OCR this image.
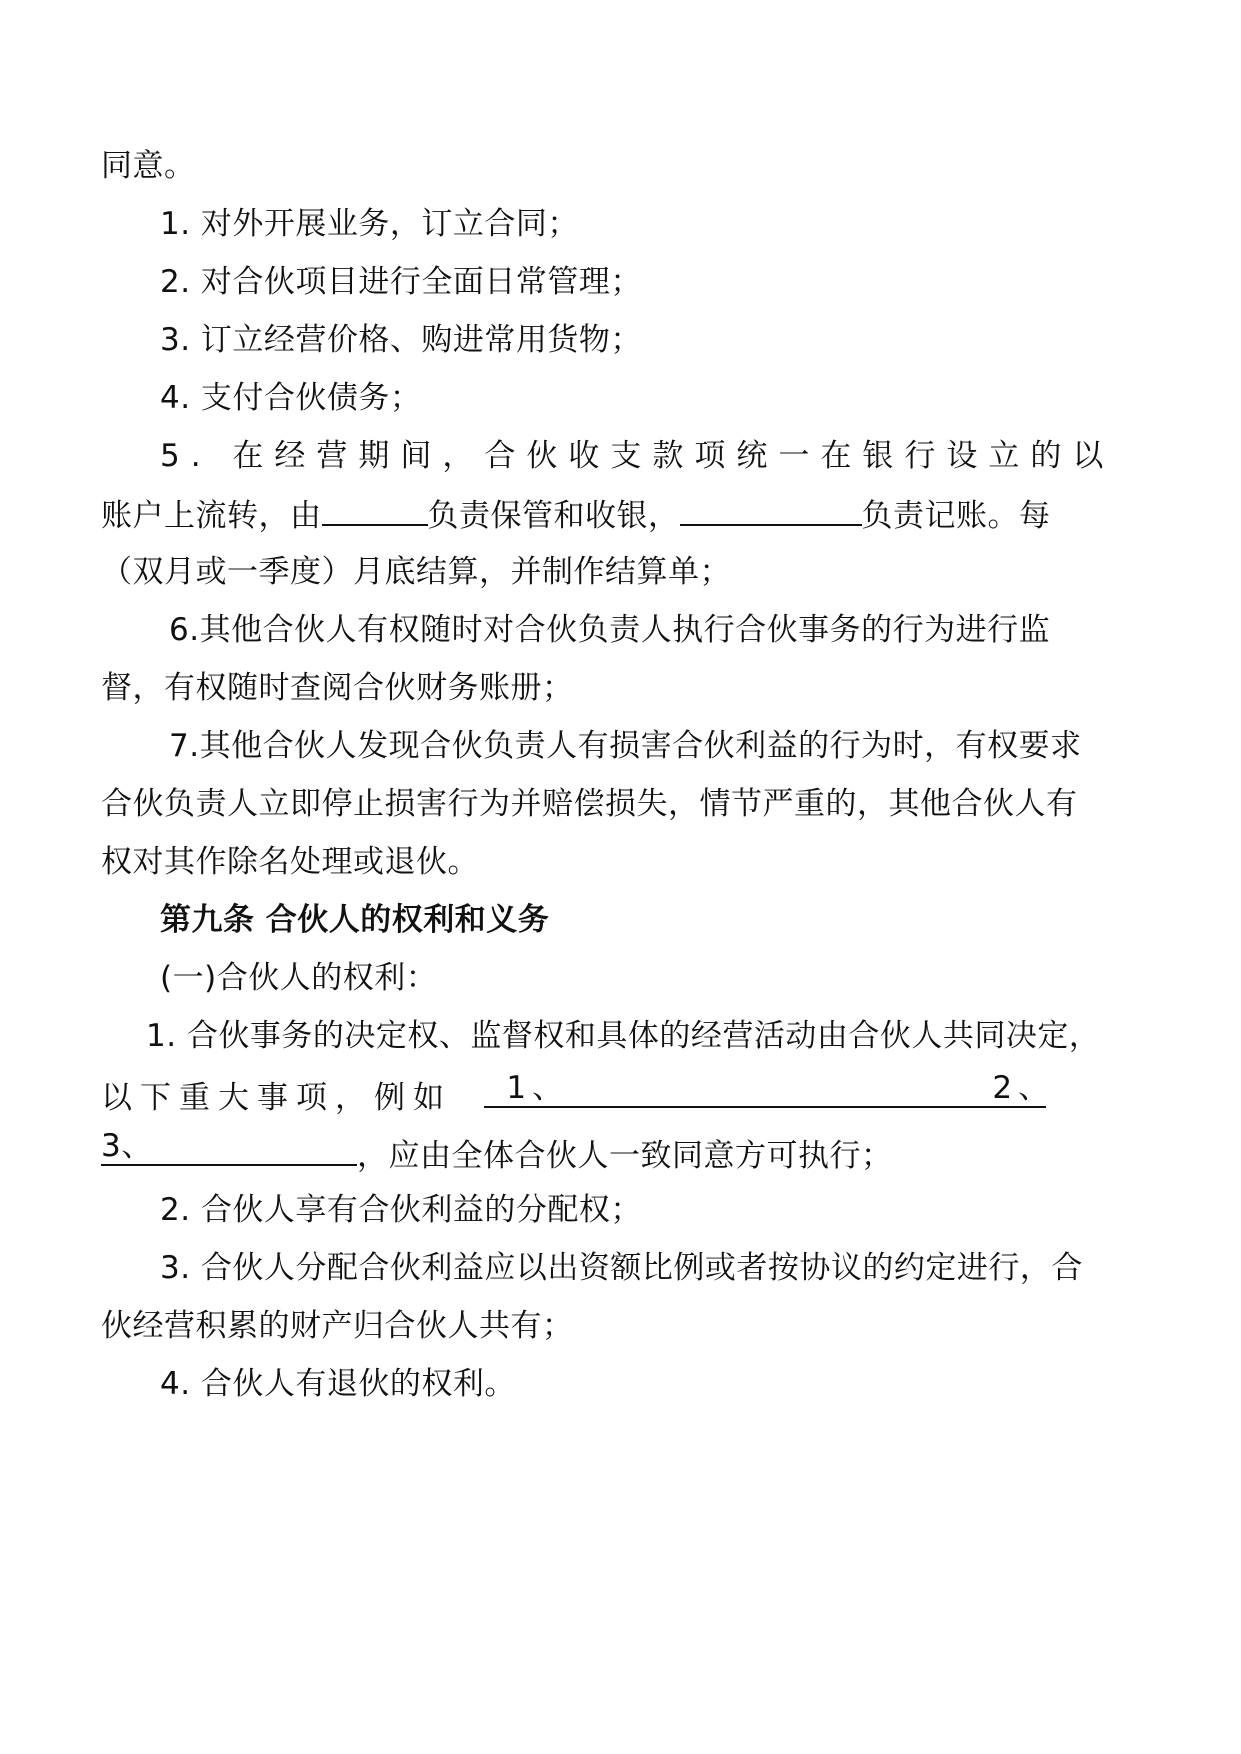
同意。
1. 对外开展业务，订立合同；
2. 对合伙项目进行全面日常管理；
3. 订立经营价格、购进常用货物；
4. 支付合伙债务；
5. 在经营期间，合伙收支款项统一在银行设立的以
账户上流转，由	负责保管和收银，	负责记账。每
（双月或一季度）月底结算，并制作结算单；
6.其他合伙人有权随时对合伙负责人执行合伙事务的行为进行监
督，有权随时查阅合伙财务账册；
7.其他合伙人发现合伙负责人有损害合伙利益的行为时，有权要求
合伙负责人立即停止损害行为并赔偿损失，情节严重的，其他合伙人有
权对其作除名处理或退伙。
第九条 合伙人的权利和义务
(一)合伙人的权利：
1. 合伙事务的决定权、监督权和具体的经营活动由合伙人共同决定，
以下重大事项，例如 1、	2、
3、	，应由全体合伙人一致同意方可执行；
2. 合伙人享有合伙利益的分配权；
3. 合伙人分配合伙利益应以出资额比例或者按协议的约定进行，合
伙经营积累的财产归合伙人共有；
4. 合伙人有退伙的权利。
